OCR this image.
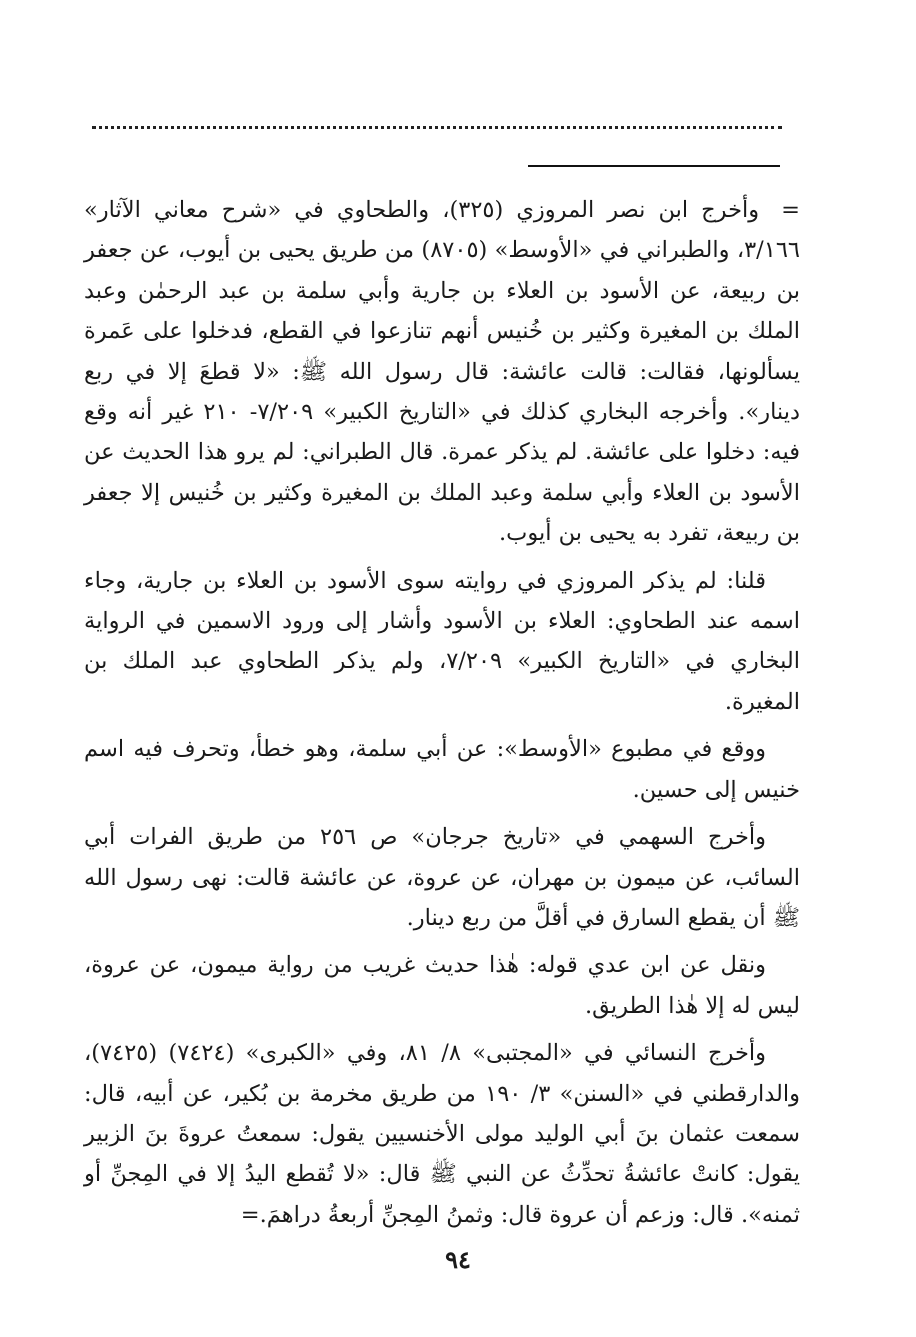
=وأخرج ابن نصر المروزي (٣٢٥)، والطحاوي في «شرح معاني الآثار» ٣/١٦٦، والطبراني في «الأوسط» (٨٧٠٥) من طريق يحيى بن أيوب، عن جعفر بن ربيعة، عن الأسود بن العلاء بن جارية وأبي سلمة بن عبد الرحمٰن وعبد الملك بن المغيرة وكثير بن خُنيس أنهم تنازعوا في القطع، فدخلوا على عَمرة يسألونها، فقالت: قالت عائشة: قال رسول الله ﷺ: «لا قطعَ إلا في ربع دينار». وأخرجه البخاري كذلك في «التاريخ الكبير» ٧/٢٠٩- ٢١٠ غير أنه وقع فيه: دخلوا على عائشة. لم يذكر عمرة. قال الطبراني: لم يرو هذا الحديث عن الأسود بن العلاء وأبي سلمة وعبد الملك بن المغيرة وكثير بن خُنيس إلا جعفر بن ربيعة، تفرد به يحيى بن أيوب.

قلنا: لم يذكر المروزي في روايته سوى الأسود بن العلاء بن جارية، وجاء اسمه عند الطحاوي: العلاء بن الأسود وأشار إلى ورود الاسمين في الرواية البخاري في «التاريخ الكبير» ٧/٢٠٩، ولم يذكر الطحاوي عبد الملك بن المغيرة.

ووقع في مطبوع «الأوسط»: عن أبي سلمة، وهو خطأ، وتحرف فيه اسم خنيس إلى حسين.

وأخرج السهمي في «تاريخ جرجان» ص ٢٥٦ من طريق الفرات أبي السائب، عن ميمون بن مهران، عن عروة، عن عائشة قالت: نهى رسول الله ﷺ أن يقطع السارق في أقلَّ من ربع دينار.

ونقل عن ابن عدي قوله: هٰذا حديث غريب من رواية ميمون، عن عروة، ليس له إلا هٰذا الطريق.

وأخرج النسائي في «المجتبى» ٨/ ٨١، وفي «الكبرى» (٧٤٢٤) (٧٤٢٥)، والدارقطني في «السنن» ٣/ ١٩٠ من طريق مخرمة بن بُكير، عن أبيه، قال: سمعت عثمان بنَ أبي الوليد مولى الأخنسيين يقول: سمعتُ عروةَ بنَ الزبير يقول: كانتْ عائشةُ تحدِّثُ عن النبي ﷺ قال: «لا تُقطع اليدُ إلا في المِجنِّ أو ثمنه». قال: وزعم أن عروة قال: وثمنُ المِجنِّ أربعةُ دراهمَ.=

٩٤
